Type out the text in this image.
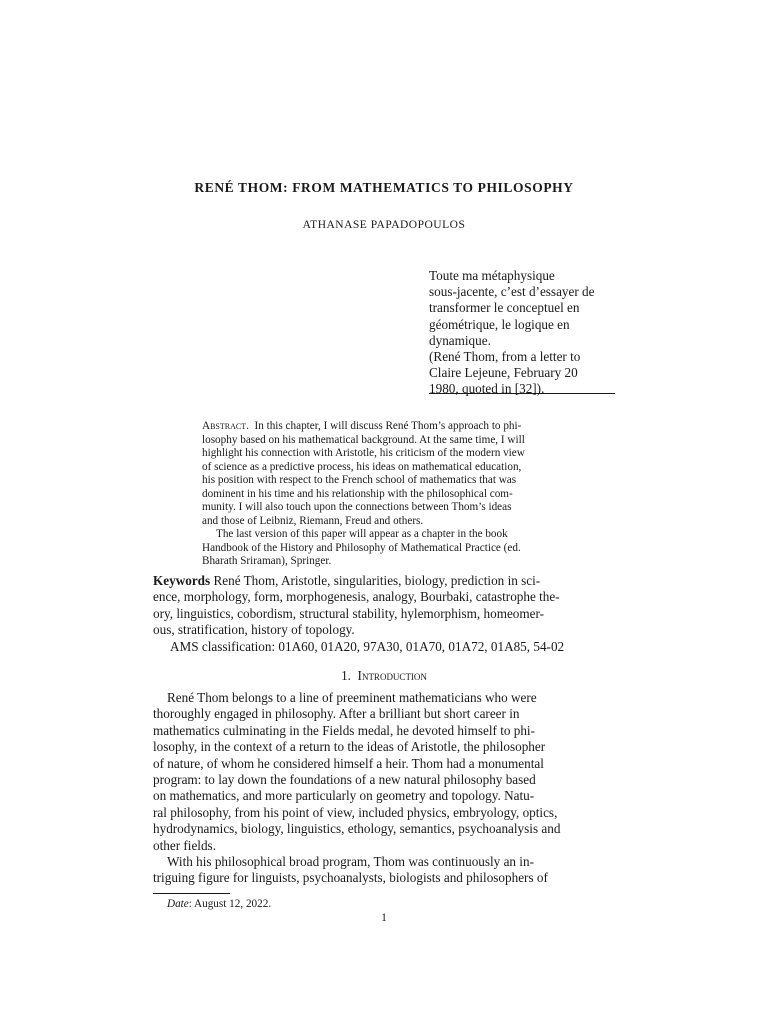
RENÉ THOM: FROM MATHEMATICS TO PHILOSOPHY

ATHANASE PAPADOPOULOS

Toute ma métaphysique
sous-jacente, c’est d’essayer de
transformer le conceptuel en
géométrique, le logique en
dynamique.
(René Thom, from a letter to
Claire Lejeune, February 20
1980, quoted in [32]).
Abstract. In this chapter, I will discuss René Thom’s approach to phi-
losophy based on his mathematical background. At the same time, I will
highlight his connection with Aristotle, his criticism of the modern view
of science as a predictive process, his ideas on mathematical education,
his position with respect to the French school of mathematics that was
dominent in his time and his relationship with the philosophical com-
munity. I will also touch upon the connections between Thom’s ideas
and those of Leibniz, Riemann, Freud and others.
The last version of this paper will appear as a chapter in the book
Handbook of the History and Philosophy of Mathematical Practice (ed.
Bharath Sriraman), Springer.
Keywords René Thom, Aristotle, singularities, biology, prediction in sci-
ence, morphology, form, morphogenesis, analogy, Bourbaki, catastrophe the-
ory, linguistics, cobordism, structural stability, hylemorphism, homeomer-
ous, stratification, history of topology.
AMS classification: 01A60, 01A20, 97A30, 01A70, 01A72, 01A85, 54-02
1. Introduction
René Thom belongs to a line of preeminent mathematicians who were
thoroughly engaged in philosophy. After a brilliant but short career in
mathematics culminating in the Fields medal, he devoted himself to phi-
losophy, in the context of a return to the ideas of Aristotle, the philosopher
of nature, of whom he considered himself a heir. Thom had a monumental
program: to lay down the foundations of a new natural philosophy based
on mathematics, and more particularly on geometry and topology. Natu-
ral philosophy, from his point of view, included physics, embryology, optics,
hydrodynamics, biology, linguistics, ethology, semantics, psychoanalysis and
other fields.
With his philosophical broad program, Thom was continuously an in-
triguing figure for linguists, psychoanalysts, biologists and philosophers of
Date: August 12, 2022.
1
